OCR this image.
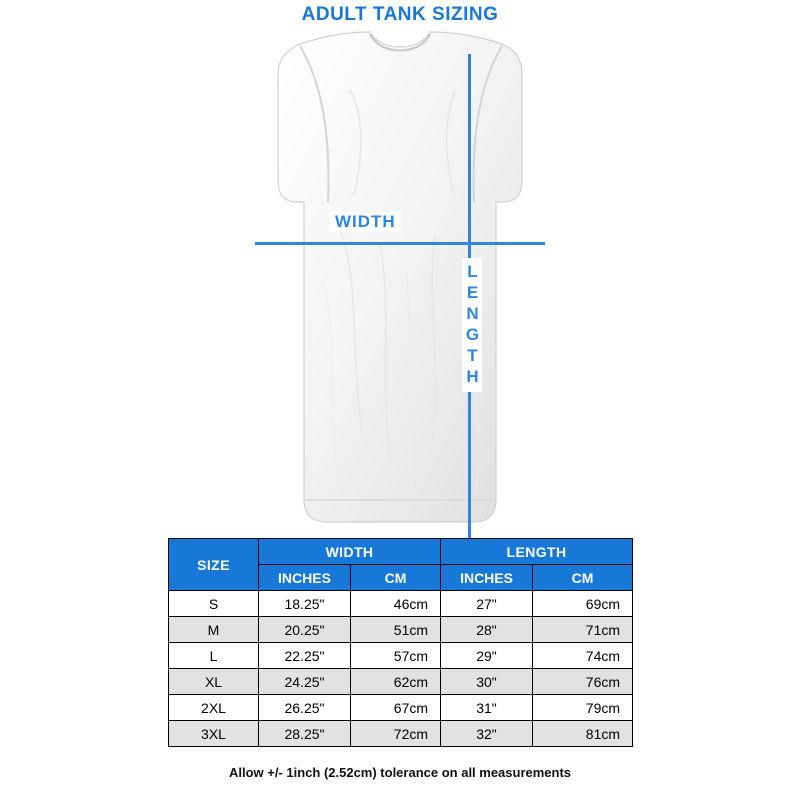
ADULT TANK SIZING
WIDTH
LENGTH
SIZE	WIDTH		LENGTH	
	INCHES	CM	INCHES	CM
S	18.25"	46cm	27"	69cm
M	20.25"	51cm	28"	71cm
L	22.25"	57cm	29"	74cm
XL	24.25"	62cm	30"	76cm
2XL	26.25"	67cm	31"	79cm
3XL	28.25"	72cm	32"	81cm
Allow +/- 1inch (2.52cm) tolerance on all measurements
